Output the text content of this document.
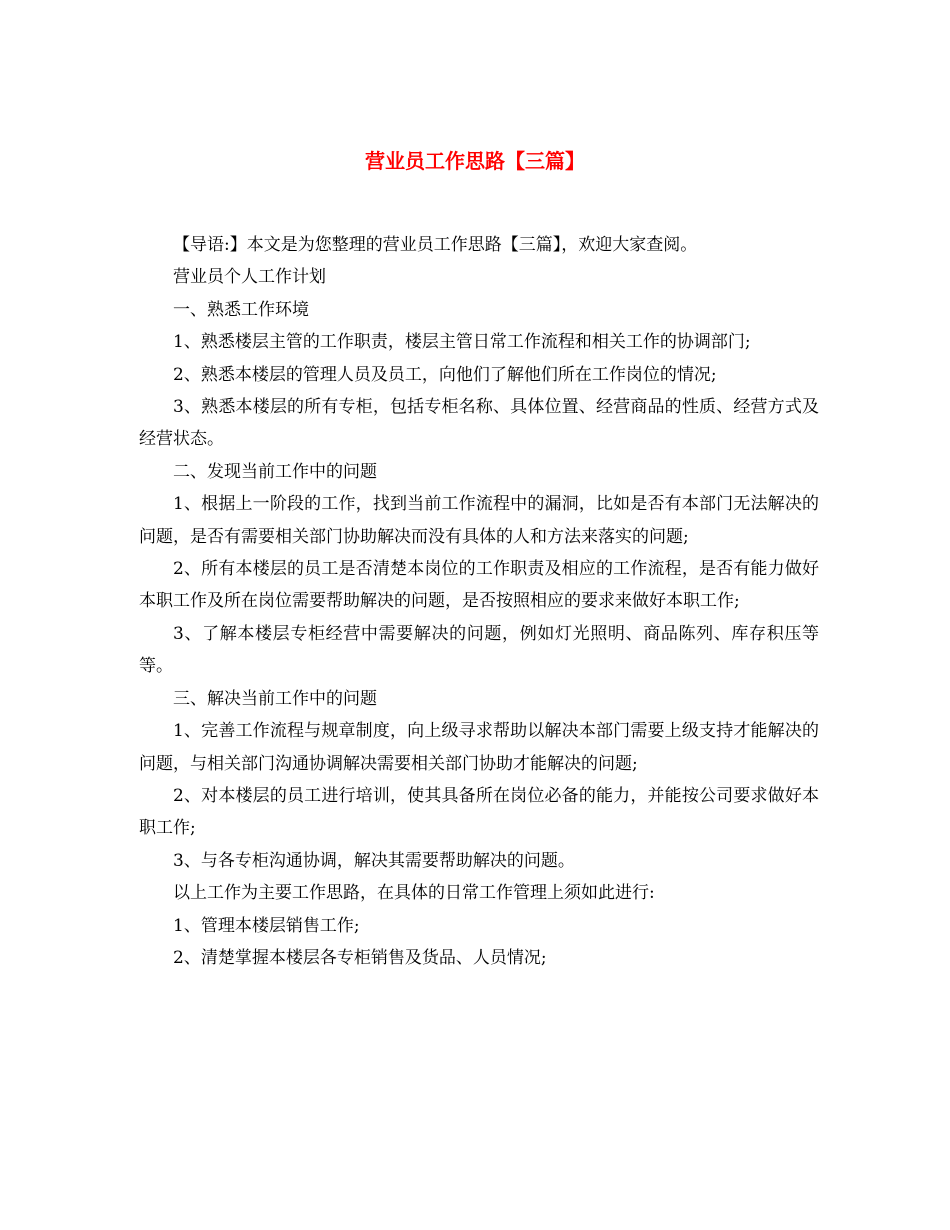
营业员工作思路【三篇】

【导语:】本文是为您整理的营业员工作思路【三篇】，欢迎大家查阅。

营业员个人工作计划

一、熟悉工作环境

1、熟悉楼层主管的工作职责，楼层主管日常工作流程和相关工作的协调部门;

2、熟悉本楼层的管理人员及员工，向他们了解他们所在工作岗位的情况;

3、熟悉本楼层的所有专柜，包括专柜名称、具体位置、经营商品的性质、经营方式及经营状态。

二、发现当前工作中的问题

1、根据上一阶段的工作，找到当前工作流程中的漏洞，比如是否有本部门无法解决的问题，是否有需要相关部门协助解决而没有具体的人和方法来落实的问题;

2、所有本楼层的员工是否清楚本岗位的工作职责及相应的工作流程，是否有能力做好本职工作及所在岗位需要帮助解决的问题，是否按照相应的要求来做好本职工作;

3、了解本楼层专柜经营中需要解决的问题，例如灯光照明、商品陈列、库存积压等等。

三、解决当前工作中的问题

1、完善工作流程与规章制度，向上级寻求帮助以解决本部门需要上级支持才能解决的问题，与相关部门沟通协调解决需要相关部门协助才能解决的问题;

2、对本楼层的员工进行培训，使其具备所在岗位必备的能力，并能按公司要求做好本职工作;

3、与各专柜沟通协调，解决其需要帮助解决的问题。

以上工作为主要工作思路，在具体的日常工作管理上须如此进行:

1、管理本楼层销售工作;

2、清楚掌握本楼层各专柜销售及货品、人员情况;
